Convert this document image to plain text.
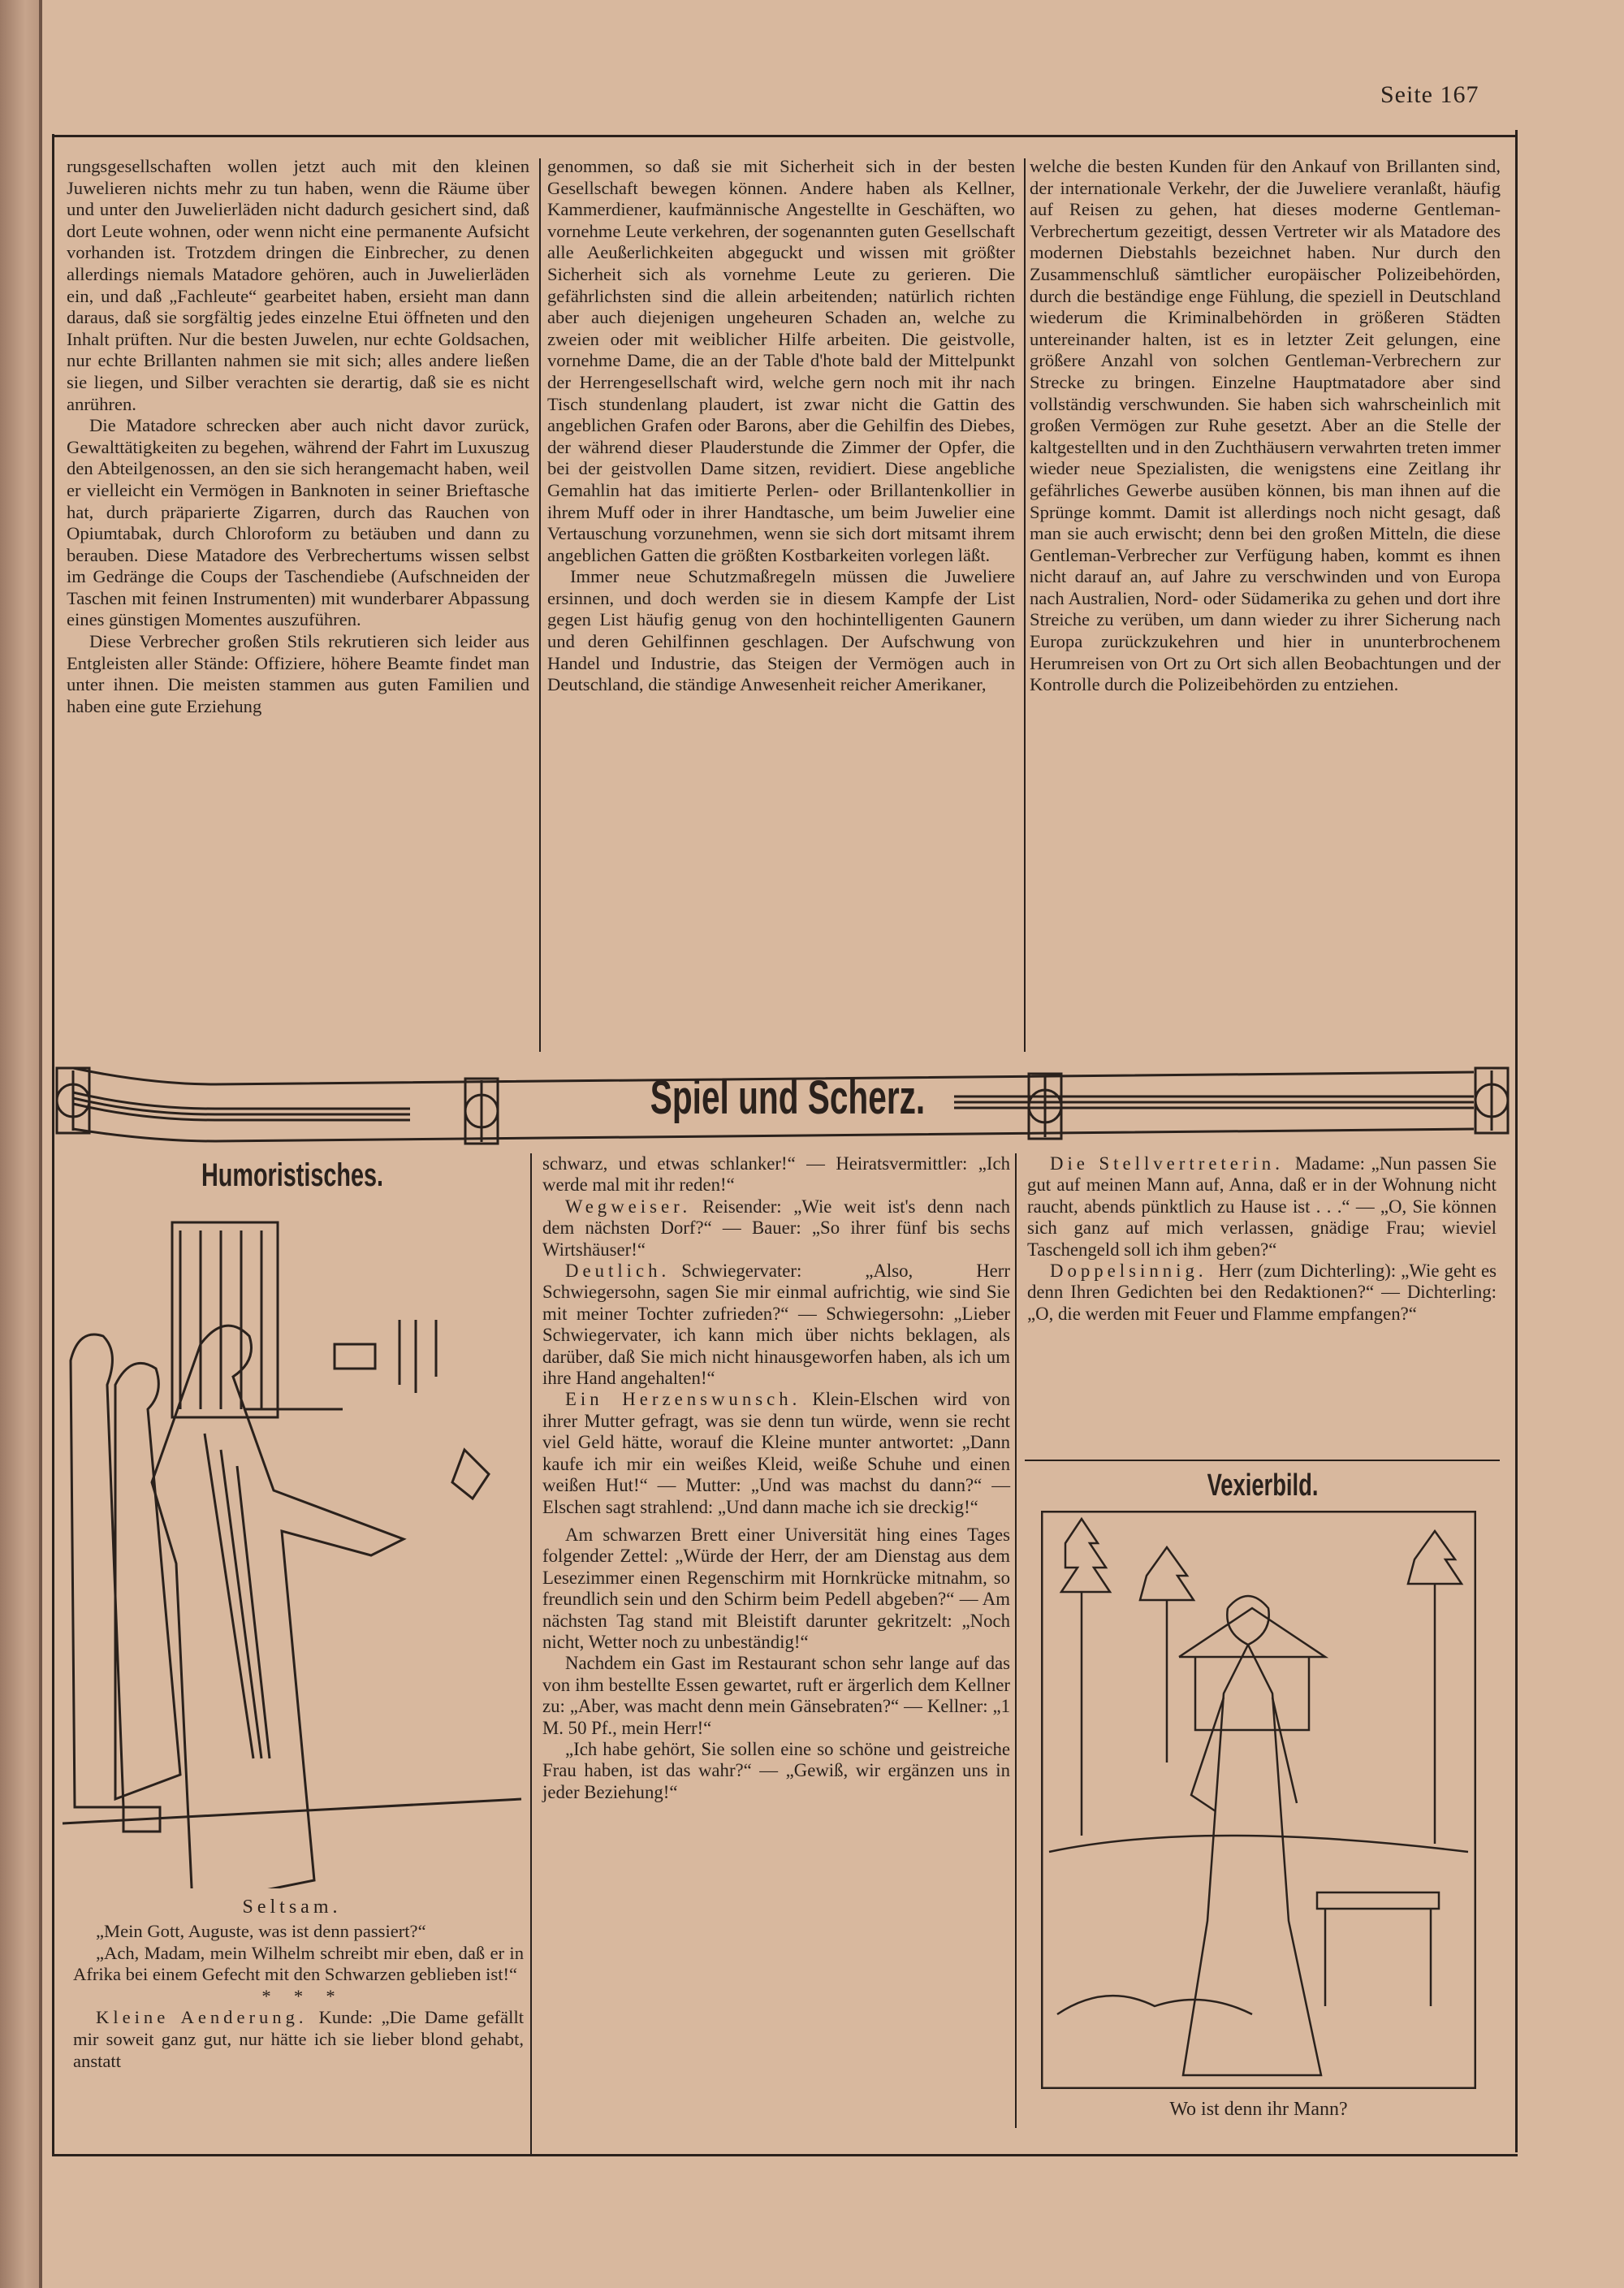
Seite 167

rungsgesellschaften wollen jetzt auch mit den kleinen Juwelieren nichts mehr zu tun haben, wenn die Räume über und unter den Juwelierläden nicht dadurch gesichert sind, daß dort Leute wohnen, oder wenn nicht eine permanente Aufsicht vorhanden ist. Trotzdem dringen die Einbrecher, zu denen allerdings niemals Matadore gehören, auch in Juwelierläden ein, und daß „Fachleute“ gearbeitet haben, ersieht man dann daraus, daß sie sorgfältig jedes einzelne Etui öffneten und den Inhalt prüften. Nur die besten Juwelen, nur echte Goldsachen, nur echte Brillanten nahmen sie mit sich; alles andere ließen sie liegen, und Silber verachten sie derartig, daß sie es nicht anrühren.

Die Matadore schrecken aber auch nicht davor zurück, Gewalttätigkeiten zu begehen, während der Fahrt im Luxuszug den Abteilgenossen, an den sie sich herangemacht haben, weil er vielleicht ein Vermögen in Banknoten in seiner Brieftasche hat, durch präparierte Zigarren, durch das Rauchen von Opiumtabak, durch Chloroform zu betäuben und dann zu berauben. Diese Matadore des Verbrechertums wissen selbst im Gedränge die Coups der Taschendiebe (Aufschneiden der Taschen mit feinen Instrumenten) mit wunderbarer Abpassung eines günstigen Momentes auszuführen.

Diese Verbrecher großen Stils rekrutieren sich leider aus Entgleisten aller Stände: Offiziere, höhere Beamte findet man unter ihnen. Die meisten stammen aus guten Familien und haben eine gute Erziehung

genommen, so daß sie mit Sicherheit sich in der besten Gesellschaft bewegen können. Andere haben als Kellner, Kammerdiener, kaufmännische Angestellte in Geschäften, wo vornehme Leute verkehren, der sogenannten guten Gesellschaft alle Aeußerlichkeiten abgeguckt und wissen mit größter Sicherheit sich als vornehme Leute zu gerieren. Die gefährlichsten sind die allein arbeitenden; natürlich richten aber auch diejenigen ungeheuren Schaden an, welche zu zweien oder mit weiblicher Hilfe arbeiten. Die geistvolle, vornehme Dame, die an der Table d'hote bald der Mittelpunkt der Herrengesellschaft wird, welche gern noch mit ihr nach Tisch stundenlang plaudert, ist zwar nicht die Gattin des angeblichen Grafen oder Barons, aber die Gehilfin des Diebes, der während dieser Plauderstunde die Zimmer der Opfer, die bei der geistvollen Dame sitzen, revidiert. Diese angebliche Gemahlin hat das imitierte Perlen- oder Brillantenkollier in ihrem Muff oder in ihrer Handtasche, um beim Juwelier eine Vertauschung vorzunehmen, wenn sie sich dort mitsamt ihrem angeblichen Gatten die größten Kostbarkeiten vorlegen läßt.

Immer neue Schutzmaßregeln müssen die Juweliere ersinnen, und doch werden sie in diesem Kampfe der List gegen List häufig genug von den hochintelligenten Gaunern und deren Gehilfinnen geschlagen. Der Aufschwung von Handel und Industrie, das Steigen der Vermögen auch in Deutschland, die ständige Anwesenheit reicher Amerikaner,

welche die besten Kunden für den Ankauf von Brillanten sind, der internationale Verkehr, der die Juweliere veranlaßt, häufig auf Reisen zu gehen, hat dieses moderne Gentleman-Verbrechertum gezeitigt, dessen Vertreter wir als Matadore des modernen Diebstahls bezeichnet haben. Nur durch den Zusammenschluß sämtlicher europäischer Polizeibehörden, durch die beständige enge Fühlung, die speziell in Deutschland wiederum die Kriminalbehörden in größeren Städten untereinander halten, ist es in letzter Zeit gelungen, eine größere Anzahl von solchen Gentleman-Verbrechern zur Strecke zu bringen. Einzelne Hauptmatadore aber sind vollständig verschwunden. Sie haben sich wahrscheinlich mit großen Vermögen zur Ruhe gesetzt. Aber an die Stelle der kaltgestellten und in den Zuchthäusern verwahrten treten immer wieder neue Spezialisten, die wenigstens eine Zeitlang ihr gefährliches Gewerbe ausüben können, bis man ihnen auf die Sprünge kommt. Damit ist allerdings noch nicht gesagt, daß man sie auch erwischt; denn bei den großen Mitteln, die diese Gentleman-Verbrecher zur Verfügung haben, kommt es ihnen nicht darauf an, auf Jahre zu verschwinden und von Europa nach Australien, Nord- oder Südamerika zu gehen und dort ihre Streiche zu verüben, um dann wieder zu ihrer Sicherung nach Europa zurückzukehren und hier in ununterbrochenem Herumreisen von Ort zu Ort sich allen Beobachtungen und der Kontrolle durch die Polizeibehörden zu entziehen.

Spiel und Scherz.
Humoristisches.
Seltsam.

„Mein Gott, Auguste, was ist denn passiert?“

„Ach, Madam, mein Wilhelm schreibt mir eben, daß er in Afrika bei einem Gefecht mit den Schwarzen geblieben ist!“

*     *     *

Kleine Aenderung. Kunde: „Die Dame gefällt mir soweit ganz gut, nur hätte ich sie lieber blond gehabt, anstatt

schwarz, und etwas schlanker!“ — Heiratsvermittler: „Ich werde mal mit ihr reden!“

Wegweiser. Reisender: „Wie weit ist's denn nach dem nächsten Dorf?“ — Bauer: „So ihrer fünf bis sechs Wirtshäuser!“

Deutlich. Schwiegervater: „Also, Herr Schwiegersohn, sagen Sie mir einmal aufrichtig, wie sind Sie mit meiner Tochter zufrieden?“ — Schwiegersohn: „Lieber Schwiegervater, ich kann mich über nichts beklagen, als darüber, daß Sie mich nicht hinausgeworfen haben, als ich um ihre Hand angehalten!“

Ein Herzenswunsch. Klein-Elschen wird von ihrer Mutter gefragt, was sie denn tun würde, wenn sie recht viel Geld hätte, worauf die Kleine munter antwortet: „Dann kaufe ich mir ein weißes Kleid, weiße Schuhe und einen weißen Hut!“ — Mutter: „Und was machst du dann?“ — Elschen sagt strahlend: „Und dann mache ich sie dreckig!“

Am schwarzen Brett einer Universität hing eines Tages folgender Zettel: „Würde der Herr, der am Dienstag aus dem Lesezimmer einen Regenschirm mit Hornkrücke mitnahm, so freundlich sein und den Schirm beim Pedell abgeben?“ — Am nächsten Tag stand mit Bleistift darunter gekritzelt: „Noch nicht, Wetter noch zu unbeständig!“

Nachdem ein Gast im Restaurant schon sehr lange auf das von ihm bestellte Essen gewartet, ruft er ärgerlich dem Kellner zu: „Aber, was macht denn mein Gänsebraten?“ — Kellner: „1 M. 50 Pf., mein Herr!“

„Ich habe gehört, Sie sollen eine so schöne und geistreiche Frau haben, ist das wahr?“ — „Gewiß, wir ergänzen uns in jeder Beziehung!“

Die Stellvertreterin. Madame: „Nun passen Sie gut auf meinen Mann auf, Anna, daß er in der Wohnung nicht raucht, abends pünktlich zu Hause ist . . .“ — „O, Sie können sich ganz auf mich verlassen, gnädige Frau; wieviel Taschengeld soll ich ihm geben?“

Doppelsinnig. Herr (zum Dichterling): „Wie geht es denn Ihren Gedichten bei den Redaktionen?“ — Dichterling: „O, die werden mit Feuer und Flamme empfangen?“

Vexierbild.
Wo ist denn ihr Mann?
